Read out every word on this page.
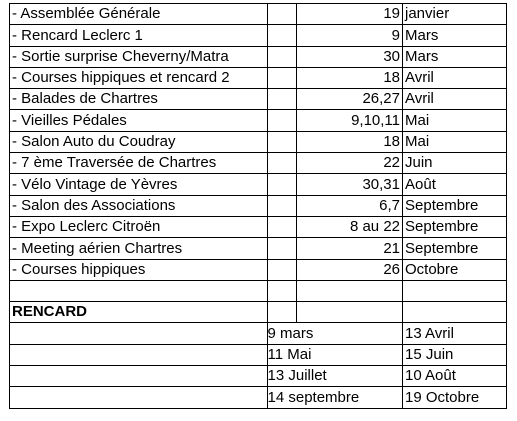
- Assemblée Générale		19	janvier
- Rencard Leclerc 1		9	Mars
- Sortie surprise Cheverny/Matra		30	Mars
- Courses hippiques et rencard 2		18	Avril
- Balades de Chartres		26,27	Avril
- Vieilles Pédales		9,10,11	Mai
- Salon Auto du Coudray		18	Mai
- 7 ème Traversée de Chartres		22	Juin
- Vélo Vintage de Yèvres		30,31	Août
- Salon des Associations		6,7	Septembre
- Expo Leclerc Citroën		8 au 22	Septembre
- Meeting aérien Chartres		21	Septembre
- Courses hippiques		26	Octobre

RENCARD			
		9 mars	13 Avril
		11 Mai	15 Juin
		13 Juillet	10 Août
		14 septembre	19 Octobre
